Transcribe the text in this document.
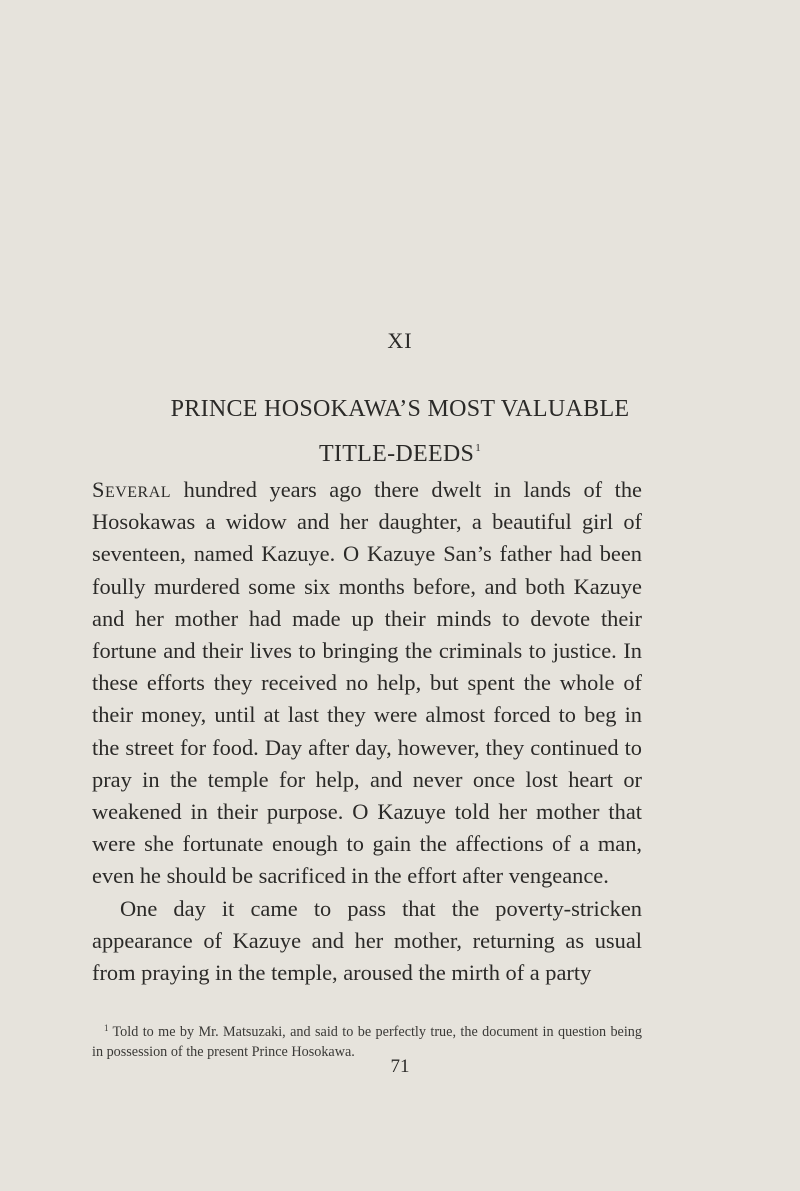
XI
PRINCE HOSOKAWA’S MOST VALUABLE
TITLE-DEEDS$^1$

Several hundred years ago there dwelt in lands of the Hosokawas a widow and her daughter, a beautiful girl of seventeen, named Kazuye. O Kazuye San’s father had been foully murdered some six months before, and both Kazuye and her mother had made up their minds to devote their fortune and their lives to bringing the criminals to justice. In these efforts they received no help, but spent the whole of their money, until at last they were almost forced to beg in the street for food. Day after day, however, they continued to pray in the temple for help, and never once lost heart or weakened in their purpose. O Kazuye told her mother that were she fortunate enough to gain the affections of a man, even he should be sacrificed in the effort after vengeance.

One day it came to pass that the poverty-stricken appearance of Kazuye and her mother, returning as usual from praying in the temple, aroused the mirth of a party

$^1$ Told to me by Mr. Matsuzaki, and said to be perfectly true, the document in question being in possession of the present Prince Hosokawa.
71
